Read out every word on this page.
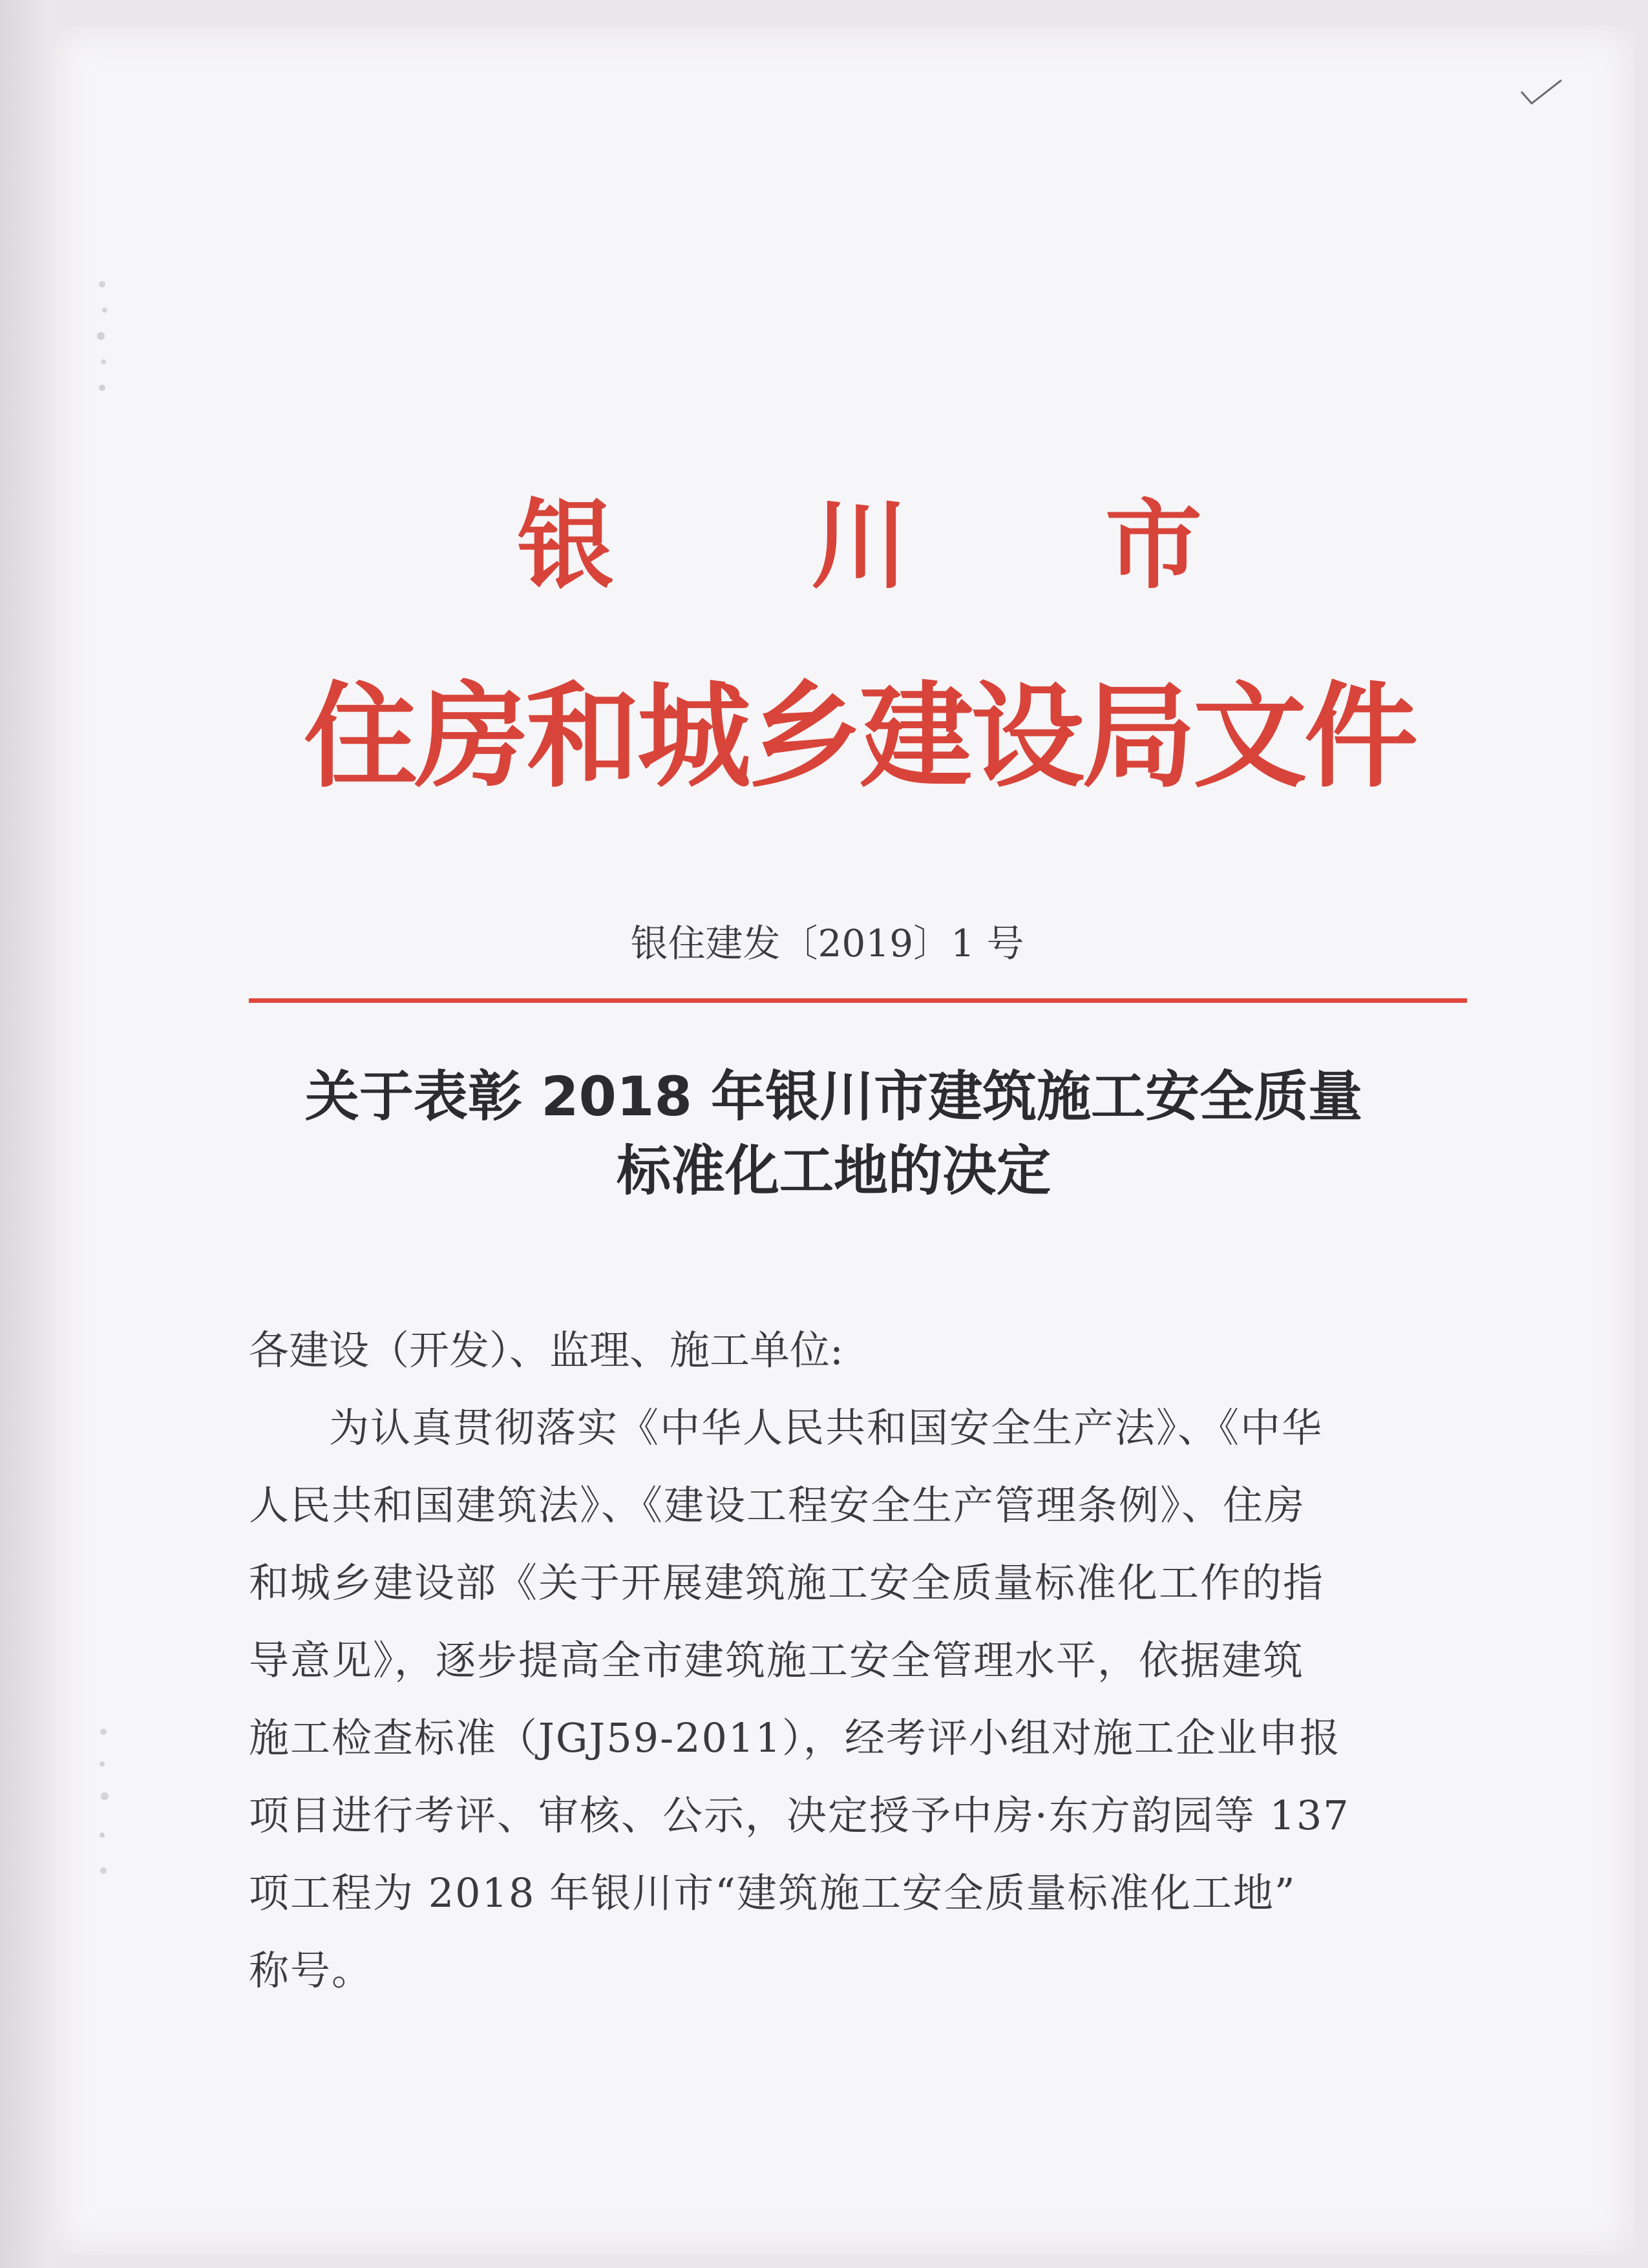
银 川 市
住房和城乡建设局文件
银住建发〔2019〕1 号
关于表彰 2018 年银川市建筑施工安全质量
标准化工地的决定
各建设（开发）、监理、施工单位:
为认真贯彻落实《中华人民共和国安全生产法》、《中华
人民共和国建筑法》、《建设工程安全生产管理条例》、住房
和城乡建设部《关于开展建筑施工安全质量标准化工作的指
导意见》，逐步提高全市建筑施工安全管理水平，依据建筑
施工检查标准（JGJ59-2011），经考评小组对施工企业申报
项目进行考评、审核、公示，决定授予中房·东方韵园等 137
项工程为 2018 年银川市“建筑施工安全质量标准化工地”
称号。
